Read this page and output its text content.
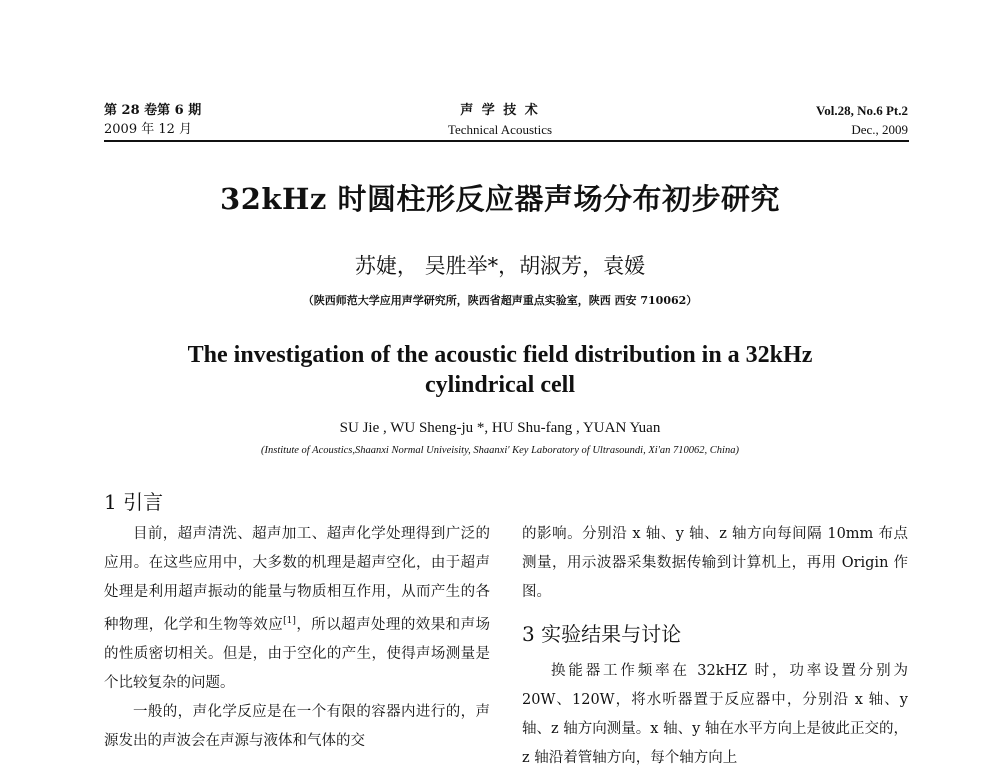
第 28 卷第 6 期
2009 年 12 月
声 学 技 术
Technical Acoustics
Vol.28, No.6 Pt.2
Dec., 2009
32kHz 时圆柱形反应器声场分布初步研究
苏婕， 吴胜举*，胡淑芳，袁媛
（陕西师范大学应用声学研究所，陕西省超声重点实验室，陕西 西安 710062）
The investigation of the acoustic field distribution in a 32kHz
cylindrical cell
SU Jie , WU Sheng-ju *, HU Shu-fang , YUAN Yuan
(Institute of Acoustics,Shaanxi Normal Univeisity, Shaanxi' Key Laboratory of Ultrasoundi, Xi'an 710062, China)
1 引言

目前，超声清洗、超声加工、超声化学处理得到广泛的应用。在这些应用中，大多数的机理是超声空化，由于超声处理是利用超声振动的能量与物质相互作用，从而产生的各种物理，化学和生物等效应[1]，所以超声处理的效果和声场的性质密切相关。但是，由于空化的产生，使得声场测量是个比较复杂的问题。

一般的，声化学反应是在一个有限的容器内进行的，声源发出的声波会在声源与液体和气体的交

的影响。分别沿 x 轴、y 轴、z 轴方向每间隔 10mm 布点测量，用示波器采集数据传输到计算机上，再用 Origin 作图。

3 实验结果与讨论

换能器工作频率在 32kHZ 时，功率设置分别为 20W、120W，将水听器置于反应器中，分别沿 x 轴、y 轴、z 轴方向测量。x 轴、y 轴在水平方向上是彼此正交的，z 轴沿着管轴方向，每个轴方向上
